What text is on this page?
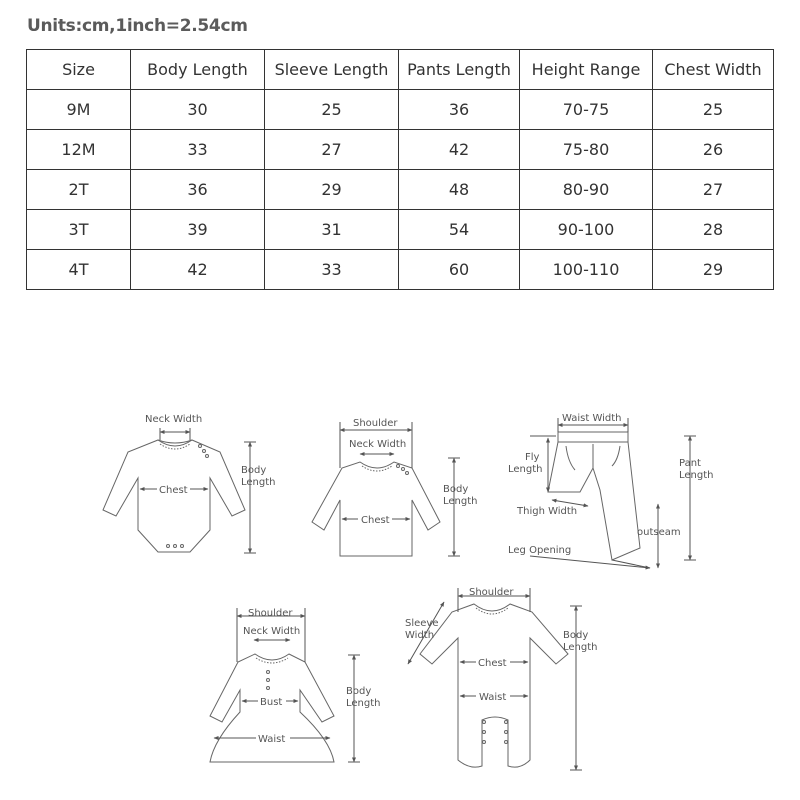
Units:cm,1inch=2.54cm
Size	Body Length	Sleeve Length	Pants Length	Height Range	Chest Width
9M	30	25	36	70-75	25
12M	33	27	42	75-80	26
2T	36	29	48	80-90	27
3T	39	31	54	90-100	28
4T	42	33	60	100-110	29
Neck Width
Chest
Body
Length
Shoulder
Neck Width
Chest
Body
Length
Waist Width
Fly
Length
Pant
Length
Thigh Width
outseam
Leg Opening
Shoulder
Neck Width
Bust
Waist
Body
Length
Shoulder
Sleeve
Width
Chest
Waist
Body
Length
